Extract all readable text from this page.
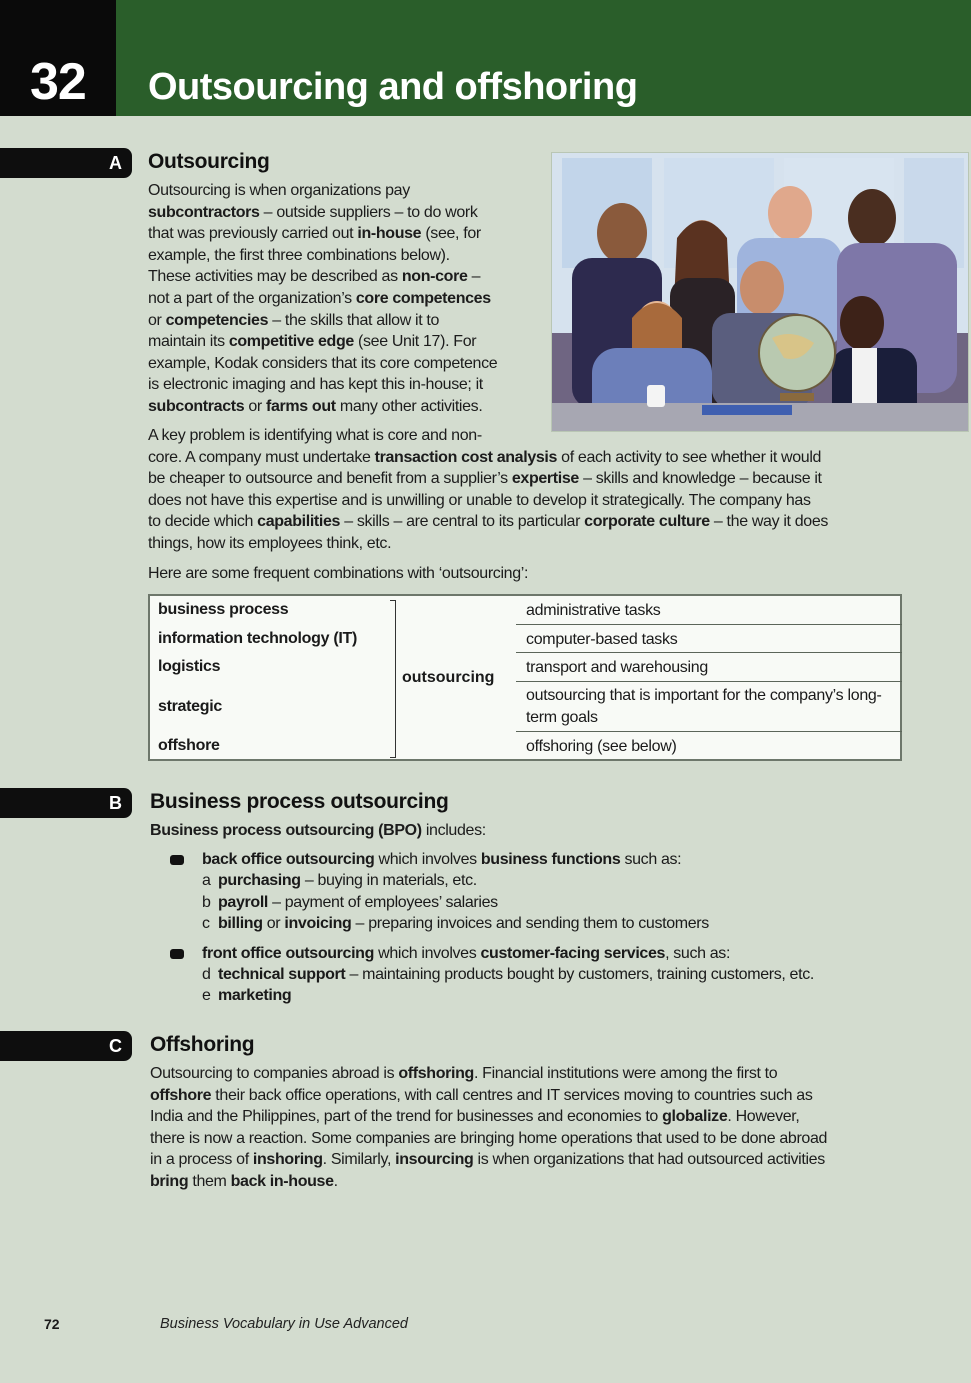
32 Outsourcing and offshoring
A Outsourcing
Outsourcing is when organizations pay
subcontractors – outside suppliers – to do work
that was previously carried out in-house (see, for
example, the first three combinations below).
These activities may be described as non-core –
not a part of the organization’s core competences
or competencies – the skills that allow it to
maintain its competitive edge (see Unit 17). For
example, Kodak considers that its core competence
is electronic imaging and has kept this in-house; it
subcontracts or farms out many other activities.
A key problem is identifying what is core and non-
core. A company must undertake transaction cost analysis of each activity to see whether it would
be cheaper to outsource and benefit from a supplier’s expertise – skills and knowledge – because it
does not have this expertise and is unwilling or unable to develop it strategically. The company has
to decide which capabilities – skills – are central to its particular corporate culture – the way it does
things, how its employees think, etc.
Here are some frequent combinations with ‘outsourcing’:
business process
information technology (IT)
logistics
strategic
offshore
outsourcing
administrative tasks
computer-based tasks
transport and warehousing
outsourcing that is important for the company’s long-term goals
offshoring (see below)
B Business process outsourcing
Business process outsourcing (BPO) includes:
back office outsourcing which involves business functions such as:
a purchasing – buying in materials, etc.
b payroll – payment of employees’ salaries
c billing or invoicing – preparing invoices and sending them to customers
front office outsourcing which involves customer-facing services, such as:
d technical support – maintaining products bought by customers, training customers, etc.
e marketing
C Offshoring
Outsourcing to companies abroad is offshoring. Financial institutions were among the first to
offshore their back office operations, with call centres and IT services moving to countries such as
India and the Philippines, part of the trend for businesses and economies to globalize. However,
there is now a reaction. Some companies are bringing home operations that used to be done abroad
in a process of inshoring. Similarly, insourcing is when organizations that had outsourced activities
bring them back in-house.
72	Business Vocabulary in Use Advanced
